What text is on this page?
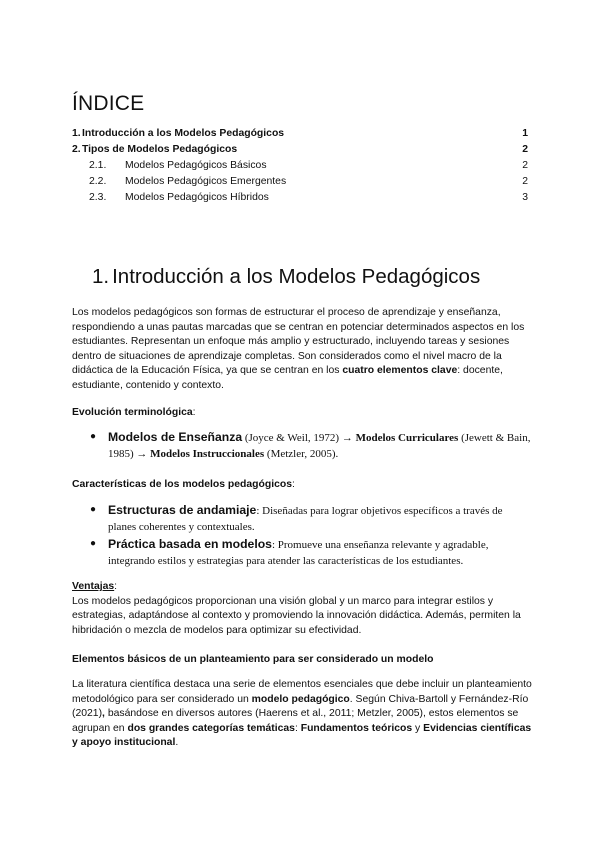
ÍNDICE
1. Introducción a los Modelos Pedagógicos	1
2. Tipos de Modelos Pedagógicos	2
2.1.	Modelos Pedagógicos Básicos	2
2.2.	Modelos Pedagógicos Emergentes	2
2.3.	Modelos Pedagógicos Híbridos	3
1. Introducción a los Modelos Pedagógicos

Los modelos pedagógicos son formas de estructurar el proceso de aprendizaje y enseñanza, respondiendo a unas pautas marcadas que se centran en potenciar determinados aspectos en los estudiantes. Representan un enfoque más amplio y estructurado, incluyendo tareas y sesiones dentro de situaciones de aprendizaje completas. Son considerados como el nivel macro de la didáctica de la Educación Física, ya que se centran en los cuatro elementos clave: docente, estudiante, contenido y contexto.

Evolución terminológica:

● Modelos de Enseñanza (Joyce & Weil, 1972) → Modelos Curriculares (Jewett & Bain, 1985) → Modelos Instruccionales (Metzler, 2005).

Características de los modelos pedagógicos:

● Estructuras de andamiaje: Diseñadas para lograr objetivos específicos a través de planes coherentes y contextuales.
● Práctica basada en modelos: Promueve una enseñanza relevante y agradable, integrando estilos y estrategias para atender las características de los estudiantes.

Ventajas:

Los modelos pedagógicos proporcionan una visión global y un marco para integrar estilos y estrategias, adaptándose al contexto y promoviendo la innovación didáctica. Además, permiten la hibridación o mezcla de modelos para optimizar su efectividad.

Elementos básicos de un planteamiento para ser considerado un modelo

La literatura científica destaca una serie de elementos esenciales que debe incluir un planteamiento metodológico para ser considerado un modelo pedagógico. Según Chiva-Bartoll y Fernández-Río (2021), basándose en diversos autores (Haerens et al., 2011; Metzler, 2005), estos elementos se agrupan en dos grandes categorías temáticas: Fundamentos teóricos y Evidencias científicas y apoyo institucional.
